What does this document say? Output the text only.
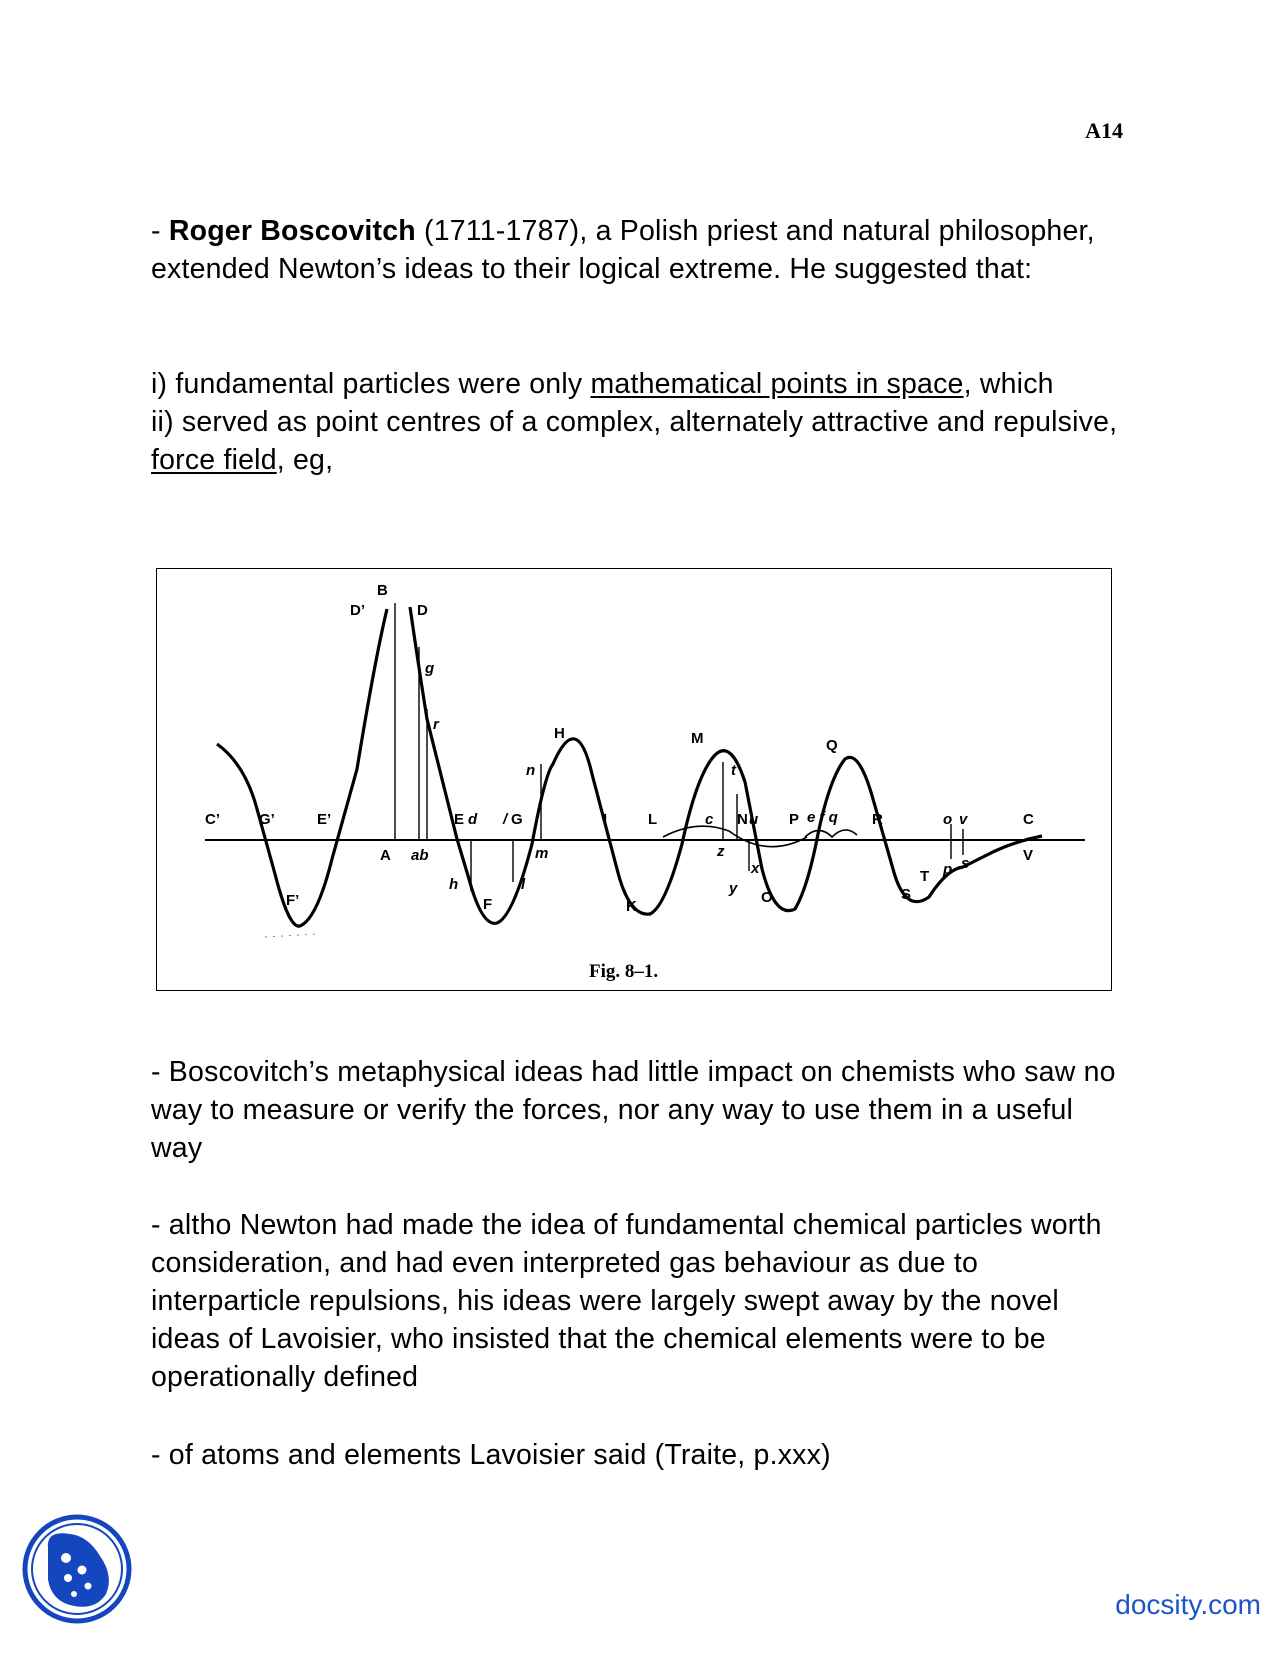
A14

- Roger Boscovitch (1711-1787), a Polish priest and natural philosopher, extended Newton’s ideas to their logical extreme. He suggested that:

i) fundamental particles were only mathematical points in space, which

ii) served as point centres of a complex, alternately attractive and repulsive, force field, eg,

B
D’	D
g
r
C’	G’	E’
F’
A ab
E d / G
h
F
l
n
m
H
I
K
L
M
t
c N u
z
x
y
O
P e f q
Q
R
S
T p s
o v	C
V
Fig. 8–1.

- Boscovitch’s metaphysical ideas had little impact on chemists who saw no way to measure or verify the forces, nor any way to use them in a useful way

- altho Newton had made the idea of fundamental chemical particles worth consideration, and had even interpreted gas behaviour as due to interparticle repulsions, his ideas were largely swept away by the novel ideas of Lavoisier, who insisted that the chemical elements were to be operationally defined

- of atoms and elements Lavoisier said (Traite, p.xxx)

docsity.com
